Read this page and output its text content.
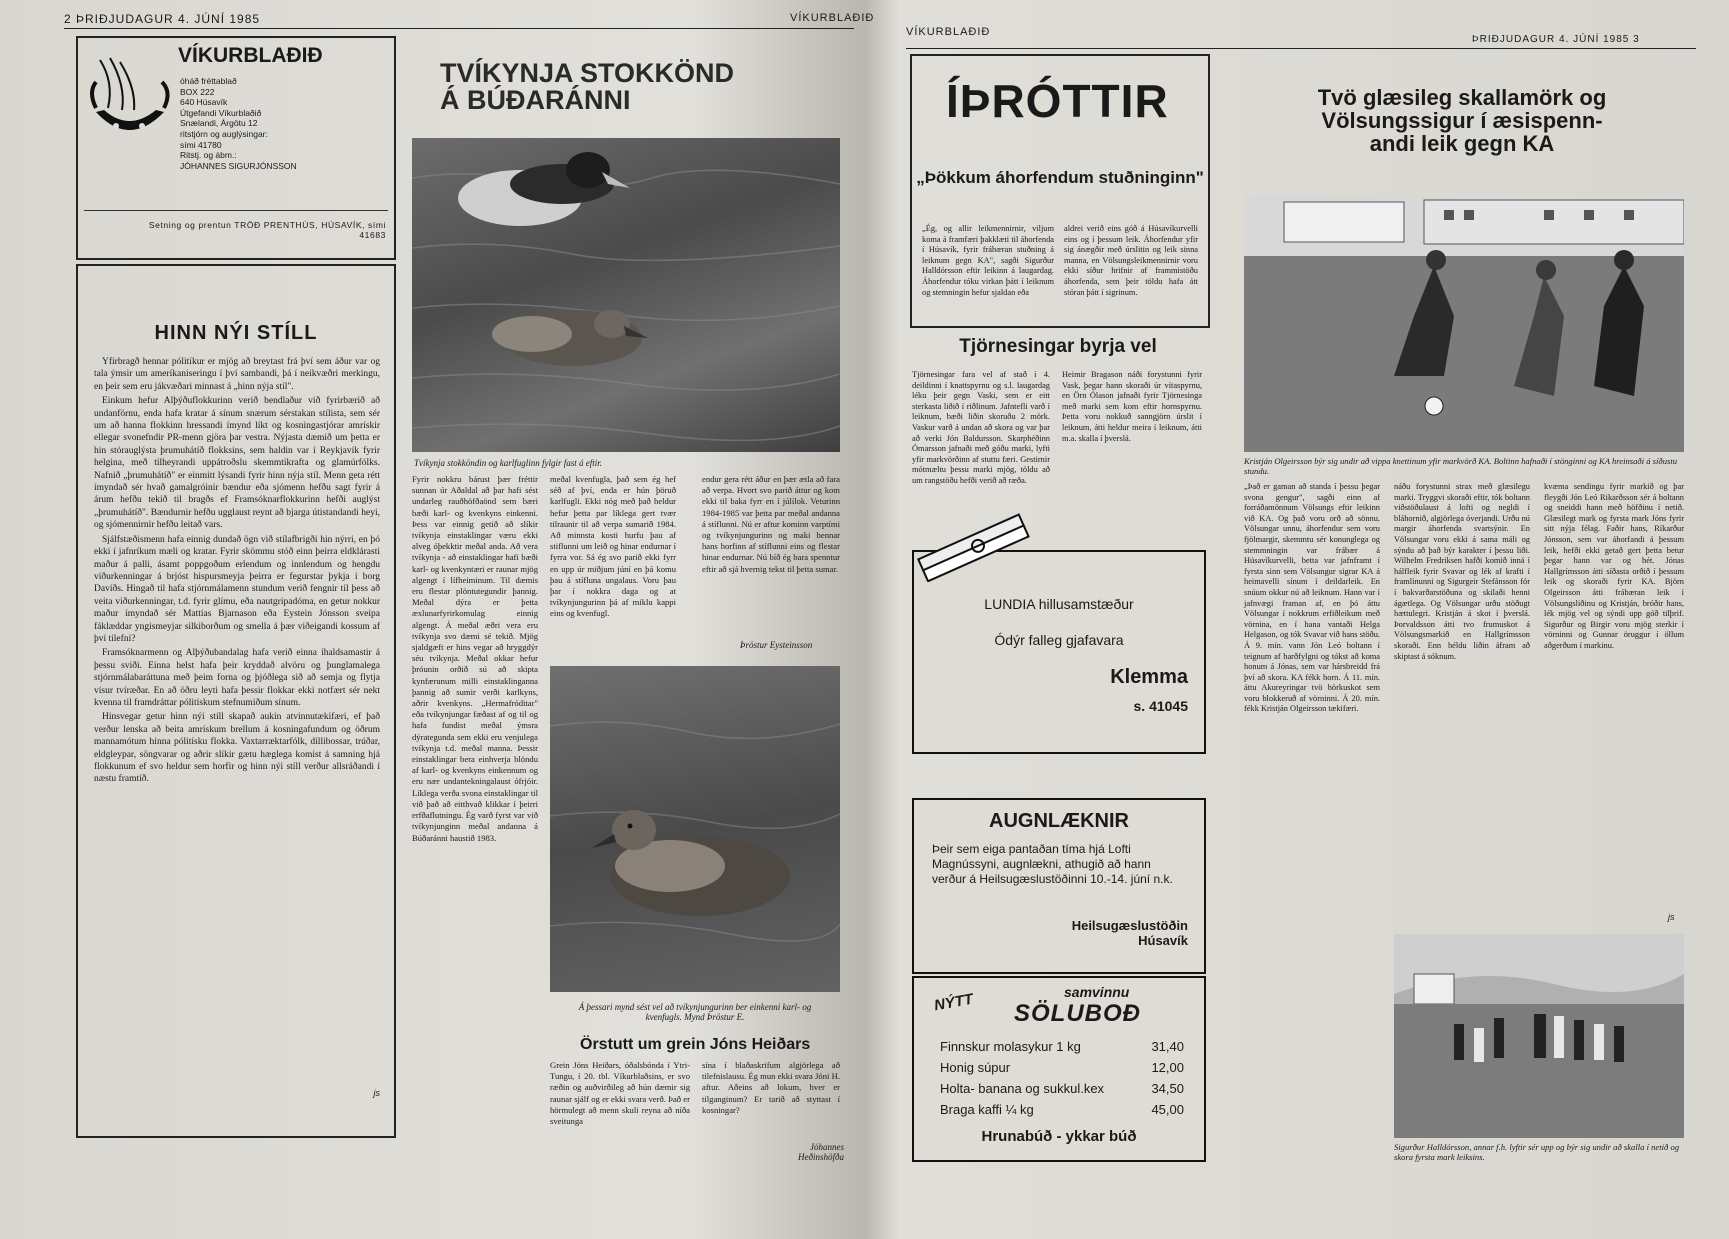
2 ÞRIÐJUDAGUR 4. JÚNÍ 1985	VÍKURBLAÐIÐ
VÍKURBLAÐIÐ
óháð fréttablað
BOX 222
640 Húsavík
Útgefandi Víkurblaðið
Snælandi, Árgötu 12
ritstjórn og auglýsingar:
sími 41780
Ritstj. og ábm.:
JÓHANNES SIGURJÓNSSON
Setning og prentun TRÖÐ PRENTHÚS, HÚSAVÍK, sími 41683
HINN NÝI STÍLL

Yfirbragð hennar pólitíkur er mjög að breytast frá því sem áður var og tala ýmsir um ameríkaniseringu í því sambandi, þá í neikvæðri merkingu, en þeir sem eru jákvæðari minnast á „hinn nýja stíl".

Einkum hefur Alþýðuflokkurinn verið bendlaður við fyrirbærið að undanförnu, enda hafa kratar á sínum snærum sérstakan stílista, sem sér um að hanna flokkinn hressandi ímynd líkt og kosningastjórar amrískir ellegar svonefndir PR-menn gjöra þar vestra. Nýjasta dæmið um þetta er hin stórauglýsta þrumuhátíð flokksins, sem haldin var í Reykjavík fyrir helgina, með tilheyrandi uppátroðslu skemmtikrafta og glamúrfólks. Nafnið „þrumuhátíð" er einmitt lýsandi fyrir hinn nýja stíl. Menn geta rétt ímyndað sér hvað gamalgróinir bændur eða sjómenn hefðu sagt fyrir á árum hefðu tekið til bragðs ef Framsóknarflokkurinn hefði auglýst „þrumuhátíð". Bændurnir hefðu ugglaust reynt að bjarga útistandandi heyi, og sjómennirnir hefðu leitað vars.

Sjálfstæðismenn hafa einnig dundað ögn við stílafbrigði hin nýrri, en þó ekki í jafnríkum mæli og kratar. Fyrir skömmu stóð einn þeirra eldklárasti maður á palli, ásamt poppgoðum erlendum og innlendum og hengdu viðurkenningar á brjóst hispursmeyja þeirra er fegurstar þykja í borg Davíðs. Hingað til hafa stjórnmálamenn stundum verið fengnir til þess að veita viðurkenningar, t.d. fyrir glímu, eða nautgripadóma, en getur nokkur maður ímyndað sér Mattías Bjarnason eða Eystein Jónsson sveipa fáklæddar yngismeyjar silkiborðum og smella á þær viðeigandi kossum af því tilefni?

Framsóknarmenn og Alþýðubandalag hafa verið einna íhaldsamastir á þessu sviði. Einna helst hafa þeir kryddað alvöru og þunglamalega stjórnmálabaráttuna með þeim forna og þjóðlega sið að semja og flytja vísur tvíræðar. En að öðru leyti hafa þessir flokkar ekki notfært sér nekt kvenna til framdráttar pólitískum stefnumiðum sínum.

Hinsvegar getur hinn nýi stíll skapað aukin atvinnutækifæri, ef það verður lenska að beita amrískum brellum á kosningafundum og öðrum mannamótum hinna pólitísku flokka. Vaxtarræktarfólk, dillibossar, trúðar, eldgleypar, söngvarar og aðrir slíkir gætu hæglega komist á samning hjá flokkunum ef svo heldur sem horfir og hinn nýi stíll verður allsráðandi í næstu framtíð.

js
TVÍKYNJA STOKKÖND
Á BÚÐARÁNNI
Tvíkynja stokköndin og karlfuglinn fylgir fast á eftir.
Fyrir nokkru bárust þær fréttir sunnan úr Aðaldal að þar hafi sést undarleg rauðhöfðaönd sem bæri bæði karl- og kvenkyns einkenni. Þess var einnig getið að slíkir tvíkynja einstaklingar væru ekki alveg óþekktir meðal anda. Að vera tvíkynja - að einstaklingar hafi bæði karl- og kvenkyntæri er raunar mjög algengt í lífheiminum. Til dæmis eru flestar plöntutegundir þannig. Meðal dýra er þetta æxlunarfyrirkomulag einnig algengt. Á meðal æðri vera eru tvíkynja svo dæmi sé tekið. Mjög sjaldgæft er hins vegar að hryggdýr séu tvíkynja. Meðal okkar hefur þróunin orðið sú að skipta kynfærunum milli einstaklinganna þannig að sumir verði karlkyns, aðrir kvenkyns. „Hermafróditar" eða tvíkynjungar fæðast af og til og hafa fundist meðal ýmsra dýrategunda sem ekki eru venjulega tvíkynja t.d. meðal manna. Þessir einstaklingar bera einhverja blöndu af karl- og kvenkyns einkennum og eru nær undantekningalaust ófrjóir. Líklega verða svona einstaklingar til við það að eitthvað klikkar í þeirri erfðaflutningu. Ég varð fyrst var við tvíkynjunginn meðal andanna á Búðaránni haustið 1983.
meðal kvenfugla, það sem ég hef séð af því, enda er hún þöruð karlfugli. Ekki nóg með það heldur hefur þetta par líklega gert tvær tilraunir til að verpa sumarið 1984. Að minnsta kosti hurfu þau af stiflunni um leið og hinar endurnar í fyrra vor. Sá ég svo parið ekki fyrr en upp úr miðjum júní en þá komu þau á stífluna ungalaus. Voru þau þar í nokkra daga og at tvíkynjungurinn þá af miklu kappi eins og kvenfugl.
endur gera rétt áður en þær ætla að fara að verpa. Hvort svo parið áttur og kom ekki til baka fyrr en í júlílok. Veturinn 1984-1985 var þetta par meðal andanna á stíflunni. Nú er aftur kominn varptími og tvíkynjungurinn og maki hennar hans horfinn af stíflunni eins og flestar hinar endurnar. Nú bíð ég bara spenntur eftir að sjá hvernig tekst til þetta sumar.
Þröstur Eysteinsson
Á þessari mynd sést vel að tvíkynjungurinn ber einkenni karl- og kvenfugls. Mynd Þröstur E.
Örstutt um grein Jóns Heiðars
Grein Jóns Heiðars, óðalsbónda í Ytri-Tungu, í 20. tbl. Víkurblaðsins, er svo ræðin og auðvirðileg að hún dæmir sig raunar sjálf og er ekki svara verð. Það er hörmulegt að menn skuli reyna að níða sveitunga
sína í blaðaskrifum algjörlega að tilefnislausu. Ég mun ekki svara Jóni H. aftur. Aðeins að lokum, hver er tilganginum? Er tarið að styttast í kosningar?
Jóhannes Heðinshöfða
VÍKURBLAÐIÐ
ÞRIÐJUDAGUR 4. JÚNÍ 1985 3
ÍÞRÓTTIR
„Þökkum áhorfendum stuðninginn"
„Ég, og allir leikmennirnir, viljum koma á framfæri þakklæti til áhorfenda í Húsavík, fyrir frábæran stuðning á leiknum gegn KA", sagði Sigurður Halldórsson eftir leikinn á laugardag. Áhorfendur tóku virkan þátt í leiknum og stemningin hefur sjaldan eða
aldrei verið eins góð á Húsavíkurvelli eins og í þessum leik. Áhorfendur yfir sig ánægðir með úrslitin og leik sinna manna, en Völsungsleikmennirnir voru ekki síður hrifnir af frammistöðu áhorfenda, sem þeir töldu hafa átt stóran þátt í sigrinum.
Tjörnesingar byrja vel
Tjörnesingar fara vel af stað í 4. deildinni í knattspyrnu og s.l. laugardag léku þeir gegn Vaski, sem er eitt sterkasta liðið í riðlinum. Jafntefli varð í leiknum, bæði liðin skoruðu 2 mörk. Vaskur varð á undan að skora og var þar að verki Jón Baldursson. Skarphéðinn Ómarsson jafnaði með góðu marki, lyfti yfir markvörðinn af stuttu færi. Gestirnir mótmæltu þessu marki mjög, töldu að um rangstöðu hefði verið að ræða.
Heimir Bragason náði forystunni fyrir Vask, þegar hann skoraði úr vítaspyrnu, en Örn Ólason jafnaði fyrir Tjörnesinga með marki sem kom eftir hornspyrnu. Þetta voru nokkuð sanngjörn úrslit í leiknum, átti heldur meira í leiknum, átti m.a. skalla í þverslá.
LUNDIA hillusamstæður
Ódýr falleg gjafavara
Klemma
s. 41045
AUGNLÆKNIR
Þeir sem eiga pantaðan tíma hjá Lofti Magnússyni, augnlækni, athugið að hann verður á Heilsugæslustöðinni 10.-14. júní n.k.
Heilsugæslustöðin
Húsavík
NÝTT	samvinnu
SÖLUBOÐ
Finnskur molasykur 1 kg	31,40
Honig súpur	12,00
Holta- banana og sukkul.kex	34,50
Braga kaffi ¼ kg	45,00
Hrunabúð - ykkar búð
Tvö glæsileg skallamörk og
Völsungssigur í æsispenn-
andi leik gegn KA
Kristján Olgeirsson býr sig undir að vippa knettinum yfir markvörð KA. Boltinn hafnaði í stönginni og KA hreinsaði á síðustu stundu.
„Það er gaman að standa í þessu þegar svona gengur", sagði einn af forráðamönnum Völsungs eftir leikinn við KA. Og það voru orð að sönnu. Völsungar unnu, áhorfendur sem voru fjölmargir, skemmtu sér konunglega og stemmningin var frábær á Húsavíkurvelli, betta var jafnframt í fyrsta sinn sem Völsungur sigrar KA á heimavelli sínum í deildarleik. En snúum okkur nú að leiknum. Hann var í jafnvægi framan af, en þó áttu Völsungar í nokkrum erfiðleikum með vörnina, en í hana vantaði Helga Helgason, og tók Svavar við hans stöðu. Á 9. mín. vann Jón Leó boltann í teignum af harðfylgni og tókst að koma honum á Jónas, sem var hársbreidd frá því að skora. KA fékk horn. Á 11. mín. áttu Akureyringar tvö hörkuskot sem voru blokkeruð af vörninni. Á 20. mín. fékk Kristján Olgeirsson tækifæri.
náðu forystunni strax með glæsilegu marki. Tryggvi skoraði eftir, tók boltann viðstöðulaust á lofti og negldi í bláhornið, algjörlega óverjandi. Urðu nú margir áhorfenda svartsýnir. En Völsungar voru ekki á sama máli og sýndu að það býr karakter í þessu liði. Wilhelm Fredriksen hafði komið inná í hálfleik fyrir Svavar og lék af krafti í framlínunni og Sigurgeir Stefánsson fór í bakvarðarstöðuna og skilaði henni ágætlega. Og Völsungar urðu stöðugt hættulegri. Kristján á skot í þverslá. Þorvaldsson átti tvo frumuskot á Völsungsmarkið en Hallgrímsson skoraði. Enn héldu liðin áfram að skiptast á sóknum.
kvæma sendingu fyrir markið og þar fleygði Jón Leó Rikarðsson sér á boltann og sneiddi hann með höfðinu í netið. Glæsilegt mark og fyrsta mark Jóns fyrir sitt nýja félag. Faðir hans, Ríkarður Jónsson, sem var áhorfandi á þessum leik, hefði ekki getað gert þetta betur þegar hann var og hét. Jónas Hallgrímsson átti síðasta orðið í þessum leik og skoraði fyrir KA. Björn Olgeirsson átti frábæran leik í Völsungsliðinu og Kristján, bróðir hans, lék mjög vel og sýndi upp góð tilþrif. Sigurður og Birgir voru mjög sterkir í vörninni og Gunnar öruggur í öllum aðgerðum í markinu.
js
Sigurður Halldórsson, annar f.h. lyftir sér upp og býr sig undir að skalla í netið og skora fyrsta mark leiksins.
